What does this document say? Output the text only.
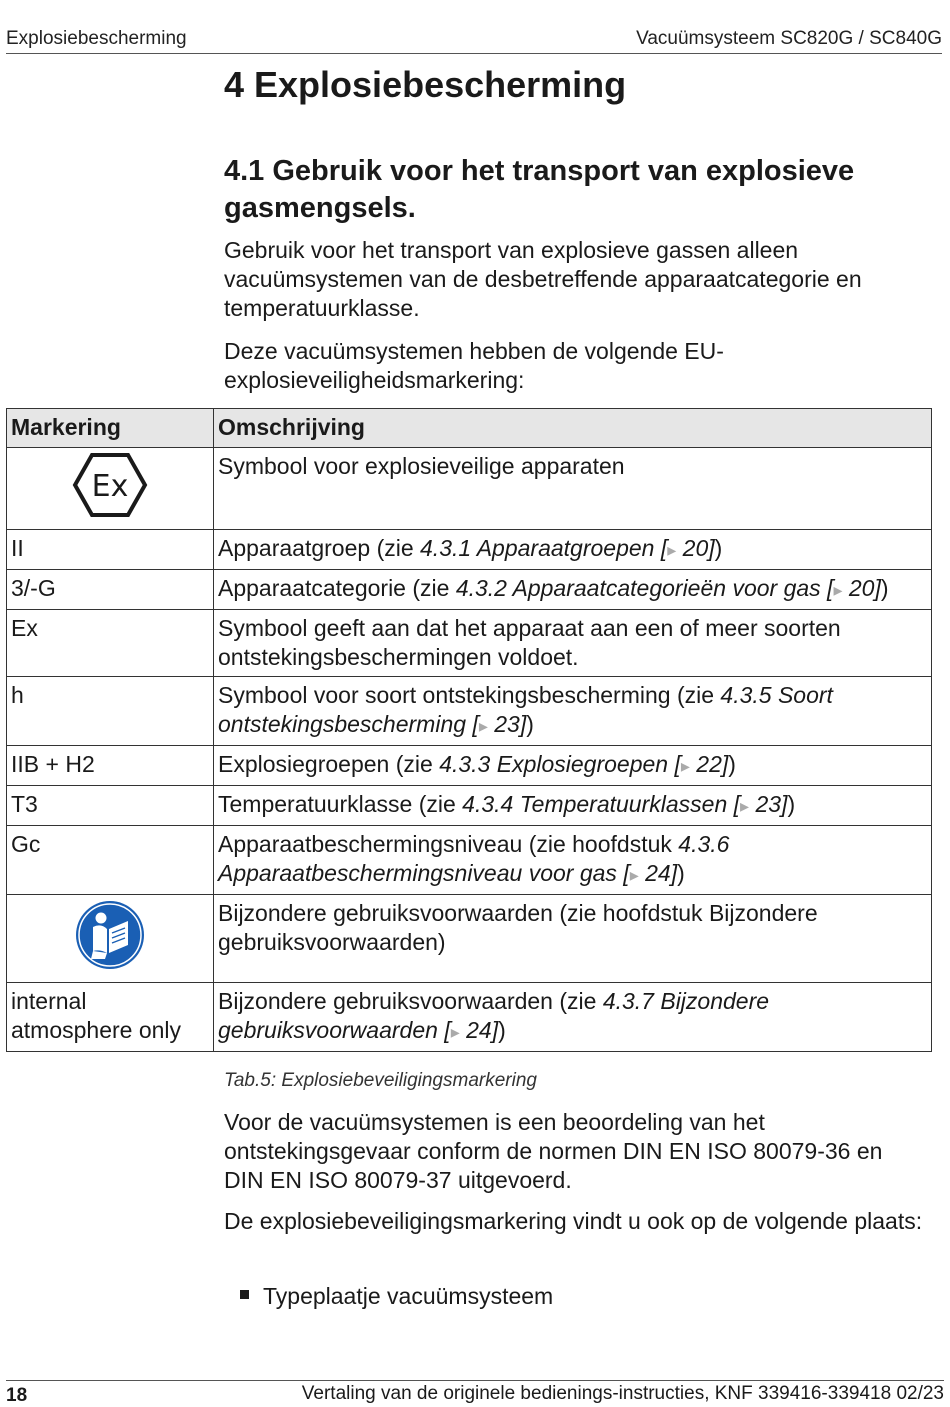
Explosiebescherming	Vacuümsysteem SC820G / SC840G
4 Explosiebescherming
4.1 Gebruik voor het transport van explosieve gasmengsels.

Gebruik voor het transport van explosieve gassen alleen vacuümsystemen van de desbetreffende apparaatcategorie en temperatuurklasse.

Deze vacuümsystemen hebben de volgende EU-explosieveiligheidsmarkering:

Markering	Omschrijving

Ex	Symbool voor explosieveilige apparaten
II	Apparaatgroep (zie 4.3.1 Apparaatgroepen [▸ 20])
3/-G	Apparaatcategorie (zie 4.3.2 Apparaatcategorieën voor gas [▸ 20])
Ex	Symbool geeft aan dat het apparaat aan een of meer soorten ontstekingsbeschermingen voldoet.
h	Symbool voor soort ontstekingsbescherming (zie 4.3.5 Soort ontstekingsbescherming [▸ 23])
IIB + H2	Explosiegroepen (zie 4.3.3 Explosiegroepen [▸ 22])
T3	Temperatuurklasse (zie 4.3.4 Temperatuurklassen [▸ 23])
Gc	Apparaatbeschermingsniveau (zie hoofdstuk 4.3.6 Apparaatbeschermingsniveau voor gas [▸ 24])
	Bijzondere gebruiksvoorwaarden (zie hoofdstuk Bijzondere gebruiksvoorwaarden)
internal atmosphere only	Bijzondere gebruiksvoorwaarden (zie 4.3.7 Bijzondere gebruiksvoorwaarden [▸ 24])
Tab.5: Explosiebeveiligingsmarkering

Voor de vacuümsystemen is een beoordeling van het ontstekingsgevaar conform de normen DIN EN ISO 80079-36 en DIN EN ISO 80079-37 uitgevoerd.

De explosiebeveiligingsmarkering vindt u ook op de volgende plaats:

Typeplaatje vacuümsysteem
18	Vertaling van de originele bedienings-instructies, KNF 339416-339418 02/23
